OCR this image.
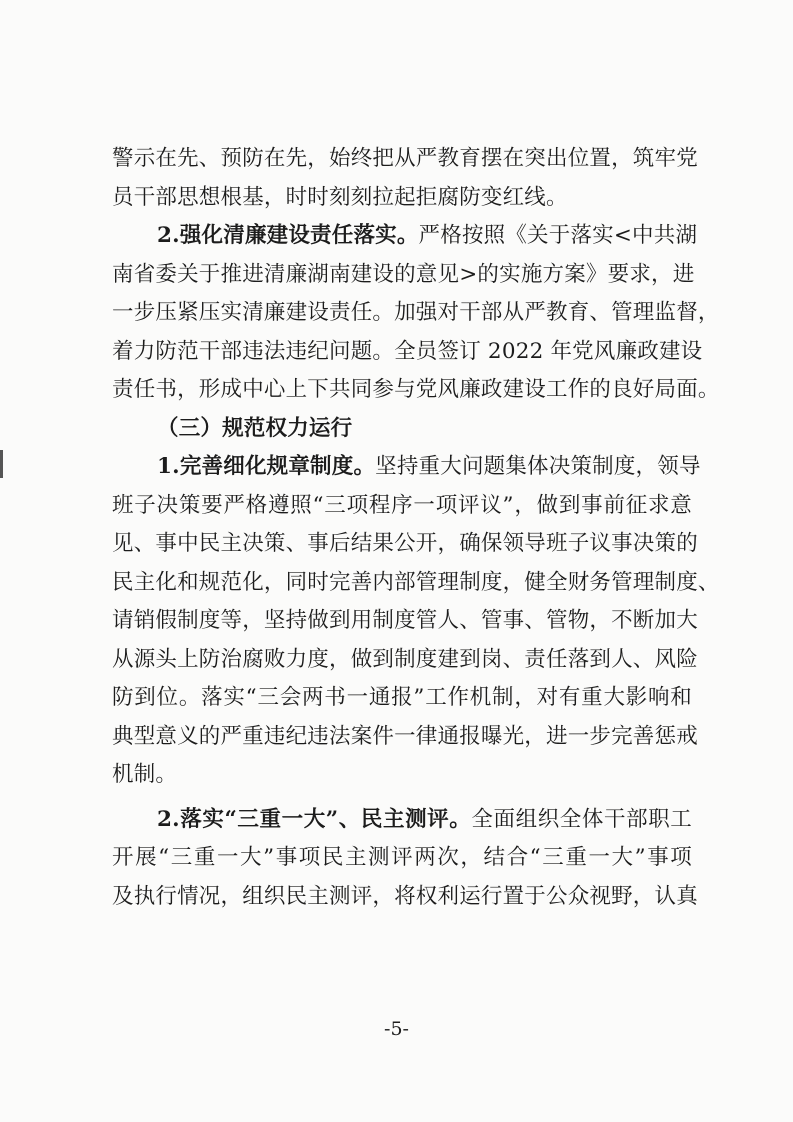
警示在先、预防在先，始终把从严教育摆在突出位置，筑牢党
员干部思想根基，时时刻刻拉起拒腐防变红线。
2.强化清廉建设责任落实。严格按照《关于落实<中共湖
南省委关于推进清廉湖南建设的意见>的实施方案》要求，进
一步压紧压实清廉建设责任。加强对干部从严教育、管理监督，
着力防范干部违法违纪问题。全员签订 2022 年党风廉政建设
责任书，形成中心上下共同参与党风廉政建设工作的良好局面。
（三）规范权力运行
1.完善细化规章制度。坚持重大问题集体决策制度，领导
班子决策要严格遵照“三项程序一项评议”，做到事前征求意
见、事中民主决策、事后结果公开，确保领导班子议事决策的
民主化和规范化，同时完善内部管理制度，健全财务管理制度、
请销假制度等，坚持做到用制度管人、管事、管物，不断加大
从源头上防治腐败力度，做到制度建到岗、责任落到人、风险
防到位。落实“三会两书一通报”工作机制，对有重大影响和
典型意义的严重违纪违法案件一律通报曝光，进一步完善惩戒
机制。
2.落实“三重一大”、民主测评。全面组织全体干部职工
开展“三重一大”事项民主测评两次，结合“三重一大”事项
及执行情况，组织民主测评，将权利运行置于公众视野，认真
-5-
